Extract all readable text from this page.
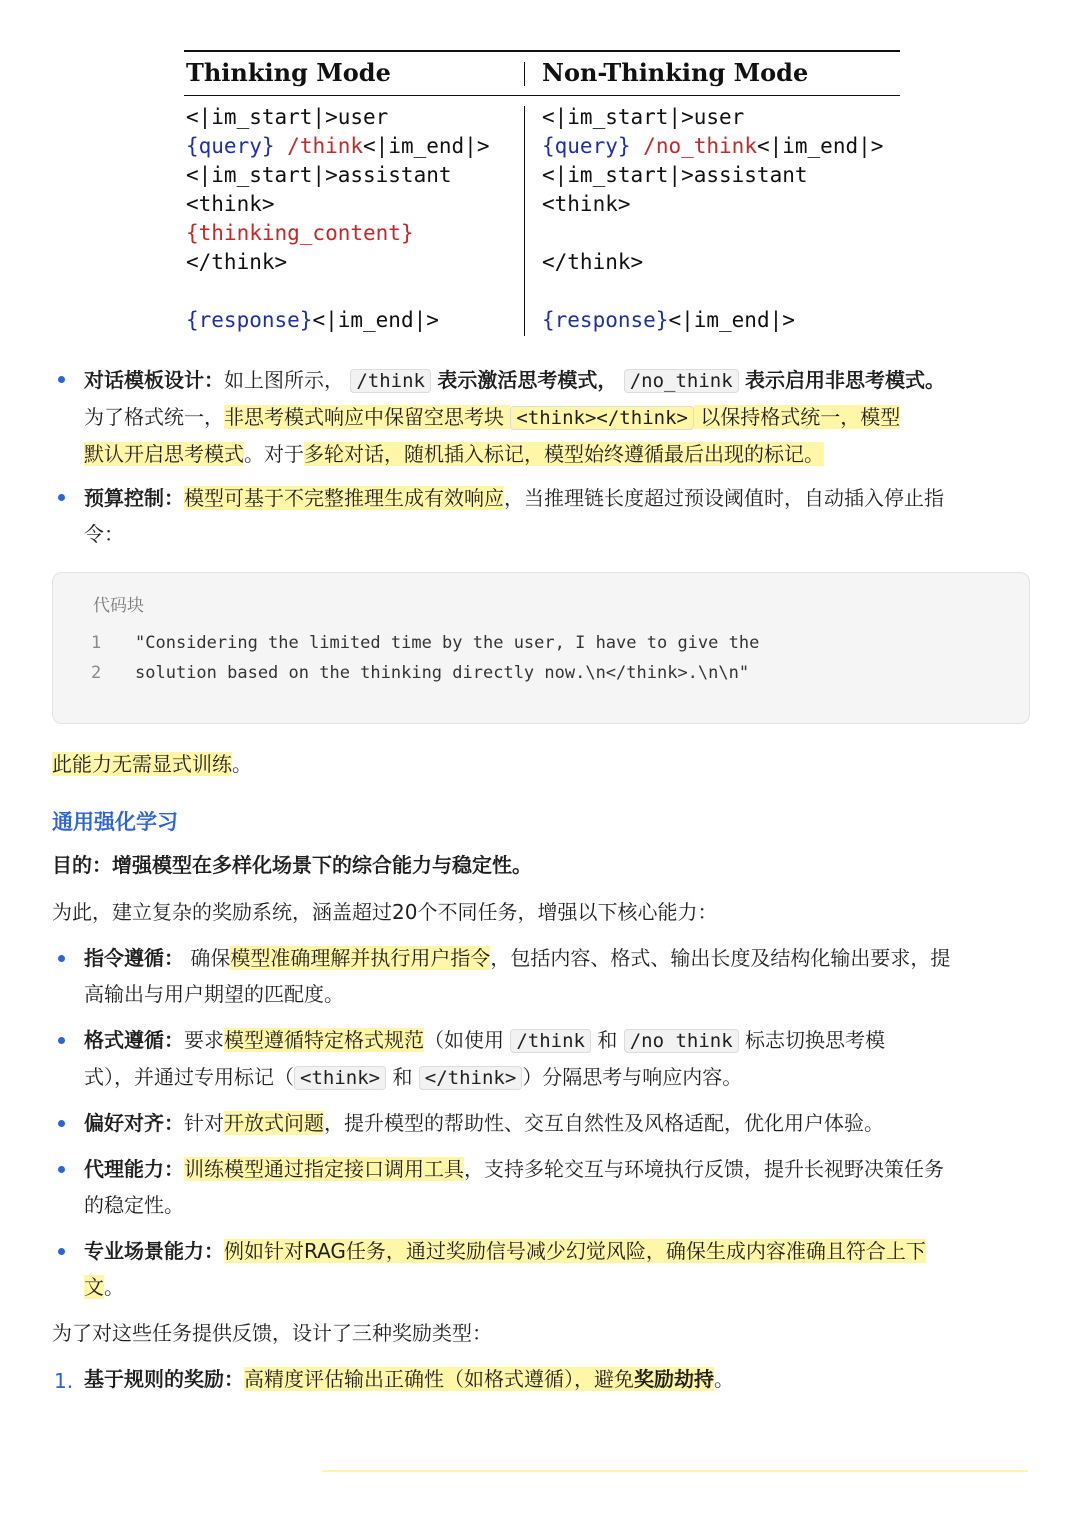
Thinking Mode	Non-Thinking Mode
<|im_start|>user
{query} /think<|im_end|>
<|im_start|>assistant
<think>
{thinking_content}
</think>

{response}<|im_end|>
<|im_start|>user
{query} /no_think<|im_end|>
<|im_start|>assistant
<think>

</think>

{response}<|im_end|>
对话模板设计：如上图所示， /think 表示激活思考模式， /no_think 表示启用非思考模式。
为了格式统一，非思考模式响应中保留空思考块 <think></think> 以保持格式统一，模型
默认开启思考模式。对于多轮对话，随机插入标记，模型始终遵循最后出现的标记。
预算控制：模型可基于不完整推理生成有效响应，当推理链长度超过预设阈值时，自动插入停止指
令：
代码块
1 "Considering the limited time by the user, I have to give the
2 solution based on the thinking directly now.\n</think>.\n\n"
此能力无需显式训练。
通用强化学习
目的：增强模型在多样化场景下的综合能力与稳定性。
为此，建立复杂的奖励系统，涵盖超过20个不同任务，增强以下核心能力：
指令遵循： 确保模型准确理解并执行用户指令，包括内容、格式、输出长度及结构化输出要求，提
高输出与用户期望的匹配度。
格式遵循：要求模型遵循特定格式规范（如使用 /think 和 /no think 标志切换思考模
式），并通过专用标记（ <think> 和 </think> ）分隔思考与响应内容。
偏好对齐：针对开放式问题，提升模型的帮助性、交互自然性及风格适配，优化用户体验。
代理能力：训练模型通过指定接口调用工具，支持多轮交互与环境执行反馈，提升长视野决策任务
的稳定性。
专业场景能力：例如针对RAG任务，通过奖励信号减少幻觉风险，确保生成内容准确且符合上下
文。
为了对这些任务提供反馈，设计了三种奖励类型：
1. 基于规则的奖励：高精度评估输出正确性（如格式遵循），避免奖励劫持。
